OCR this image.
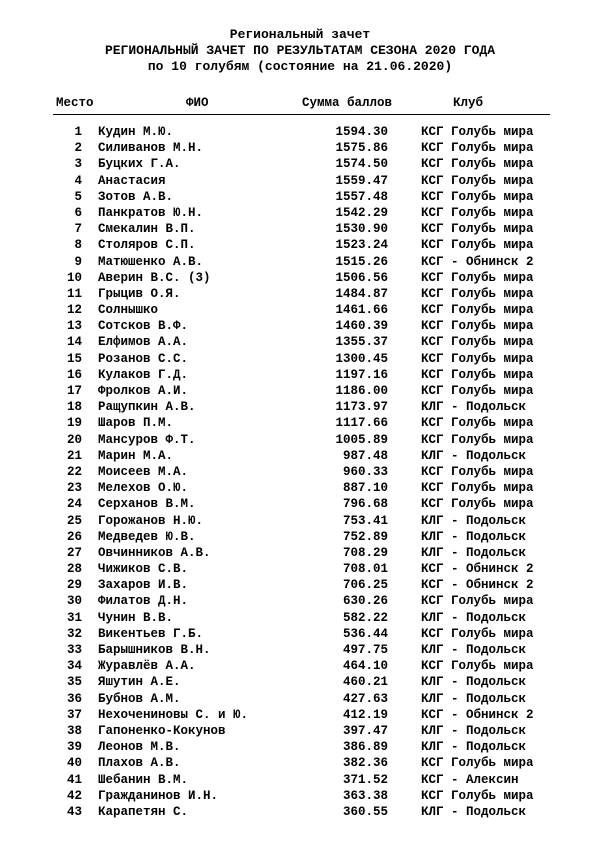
Региональный зачет
РЕГИОНАЛЬНЫЙ ЗАЧЕТ ПО РЕЗУЛЬТАТАМ СЕЗОНА 2020 ГОДА
по 10 голубям (состояние на 21.06.2020)
Место	ФИО	Сумма баллов	Клуб
1 Кудин М.Ю.	1594.30	КСГ Голубь мира
2 Силиванов М.Н.	1575.86	КСГ Голубь мира
3 Буцких Г.А.	1574.50	КСГ Голубь мира
4 Анастасия	1559.47	КСГ Голубь мира
5 Зотов А.В.	1557.48	КСГ Голубь мира
6 Панкратов Ю.Н.	1542.29	КСГ Голубь мира
7 Смекалин В.П.	1530.90	КСГ Голубь мира
8 Столяров С.П.	1523.24	КСГ Голубь мира
9 Матюшенко А.В.	1515.26	КСГ - Обнинск 2
10 Аверин В.С. (3)	1506.56	КСГ Голубь мира
11 Грыцив О.Я.	1484.87	КСГ Голубь мира
12 Солнышко	1461.66	КСГ Голубь мира
13 Сотсков В.Ф.	1460.39	КСГ Голубь мира
14 Елфимов А.А.	1355.37	КСГ Голубь мира
15 Розанов С.С.	1300.45	КСГ Голубь мира
16 Кулаков Г.Д.	1197.16	КСГ Голубь мира
17 Фролков А.И.	1186.00	КСГ Голубь мира
18 Ращупкин А.В.	1173.97	КЛГ - Подольск
19 Шаров П.М.	1117.66	КСГ Голубь мира
20 Мансуров Ф.Т.	1005.89	КСГ Голубь мира
21 Марин М.А.	987.48	КЛГ - Подольск
22 Моисеев М.А.	960.33	КСГ Голубь мира
23 Мелехов О.Ю.	887.10	КСГ Голубь мира
24 Серханов В.М.	796.68	КСГ Голубь мира
25 Горожанов Н.Ю.	753.41	КЛГ - Подольск
26 Медведев Ю.В.	752.89	КЛГ - Подольск
27 Овчинников А.В.	708.29	КЛГ - Подольск
28 Чижиков С.В.	708.01	КСГ - Обнинск 2
29 Захаров И.В.	706.25	КСГ - Обнинск 2
30 Филатов Д.Н.	630.26	КСГ Голубь мира
31 Чунин В.В.	582.22	КЛГ - Подольск
32 Викентьев Г.Б.	536.44	КСГ Голубь мира
33 Барышников В.Н.	497.75	КЛГ - Подольск
34 Журавлёв А.А.	464.10	КСГ Голубь мира
35 Яшутин А.Е.	460.21	КЛГ - Подольск
36 Бубнов А.М.	427.63	КЛГ - Подольск
37 Нехочениновы С. и Ю.	412.19	КСГ - Обнинск 2
38 Гапоненко-Кокунов	397.47	КЛГ - Подольск
39 Леонов М.В.	386.89	КЛГ - Подольск
40 Плахов А.В.	382.36	КСГ Голубь мира
41 Шебанин В.М.	371.52	КСГ - Алексин
42 Гражданинов И.Н.	363.38	КСГ Голубь мира
43 Карапетян С.	360.55	КЛГ - Подольск
